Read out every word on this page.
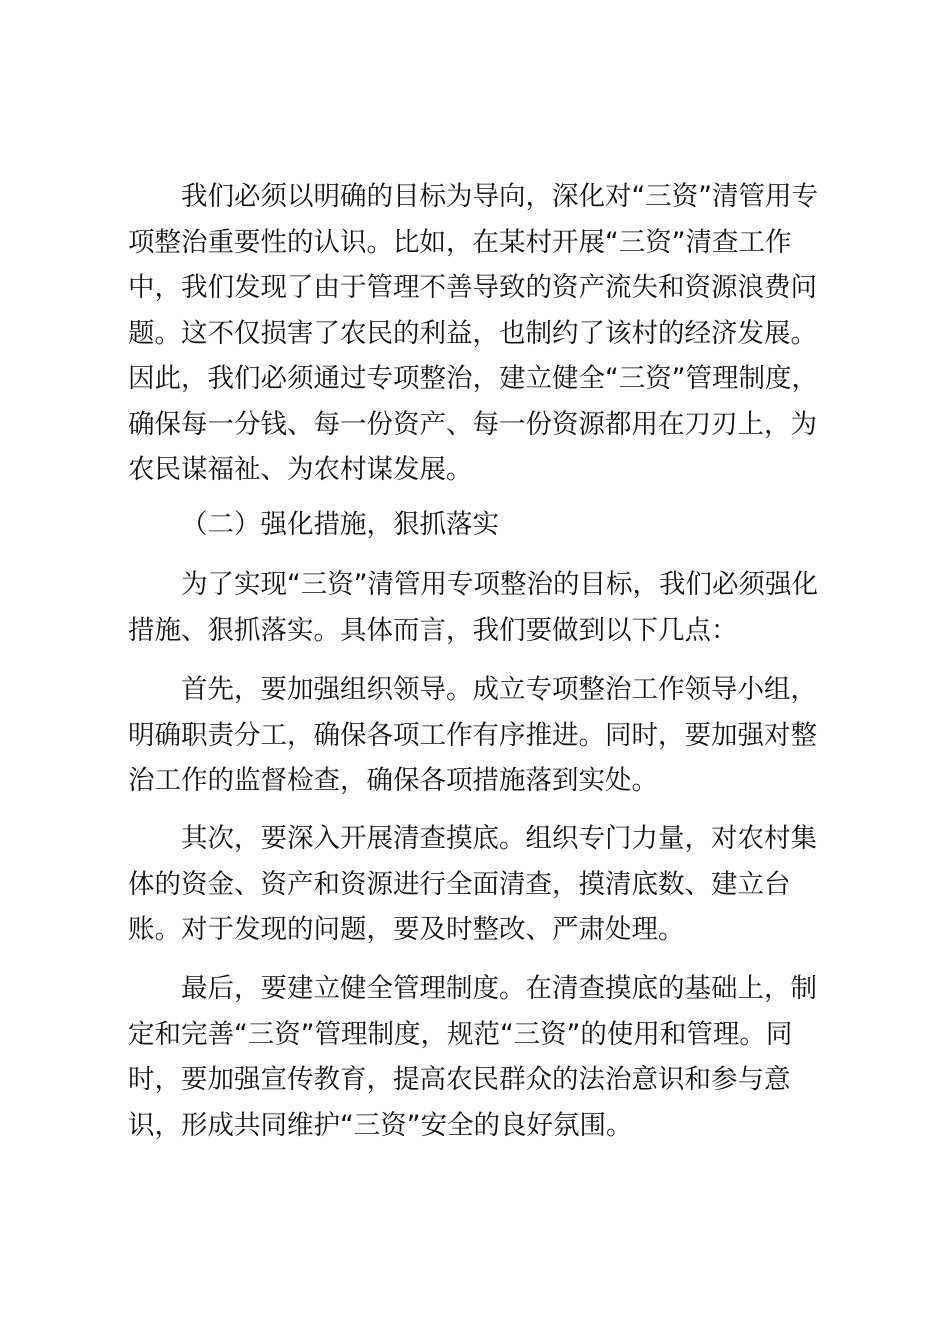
我们必须以明确的目标为导向，深化对“三资”清管用专项整治重要性的认识。比如，在某村开展“三资”清查工作中，我们发现了由于管理不善导致的资产流失和资源浪费问题。这不仅损害了农民的利益，也制约了该村的经济发展。因此，我们必须通过专项整治，建立健全“三资”管理制度，确保每一分钱、每一份资产、每一份资源都用在刀刃上，为农民谋福祉、为农村谋发展。

（二）强化措施，狠抓落实

为了实现“三资”清管用专项整治的目标，我们必须强化措施、狠抓落实。具体而言，我们要做到以下几点：

首先，要加强组织领导。成立专项整治工作领导小组，明确职责分工，确保各项工作有序推进。同时，要加强对整治工作的监督检查，确保各项措施落到实处。

其次，要深入开展清查摸底。组织专门力量，对农村集体的资金、资产和资源进行全面清查，摸清底数、建立台账。对于发现的问题，要及时整改、严肃处理。

最后，要建立健全管理制度。在清查摸底的基础上，制定和完善“三资”管理制度，规范“三资”的使用和管理。同时，要加强宣传教育，提高农民群众的法治意识和参与意识，形成共同维护“三资”安全的良好氛围。
